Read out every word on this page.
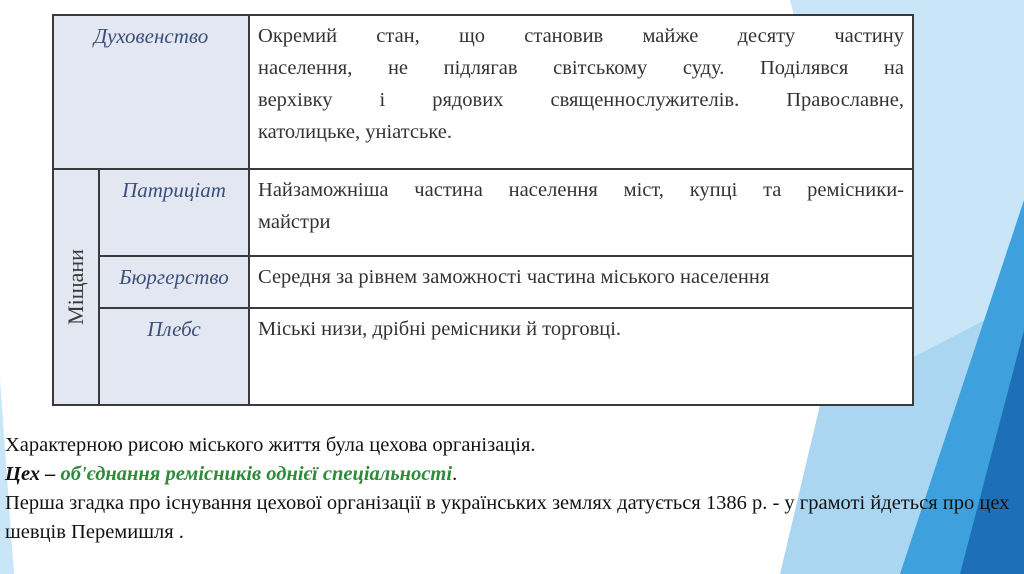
Духовенство		Окремий стан, що становив майже десяту частину
населення, не підлягав світському суду. Поділявся на
верхівку і рядових священнослужителів. Православне,
католицьке, уніатське.

Міщани	Патриціат	Найзаможніша частина населення міст, купці та ремісники-
майстри

	Бюргерство	Середня за рівнем заможності частина міського населення

	Плебс	Міські низи, дрібні ремісники й торговці.

Характерною рисою міського життя була цехова організація.

Цех – об'єднання ремісників однієї спеціальності.

Перша згадка про існування цехової організації в українських землях датується 1386 р. - у грамоті йдеться про цех шевців Перемишля .
